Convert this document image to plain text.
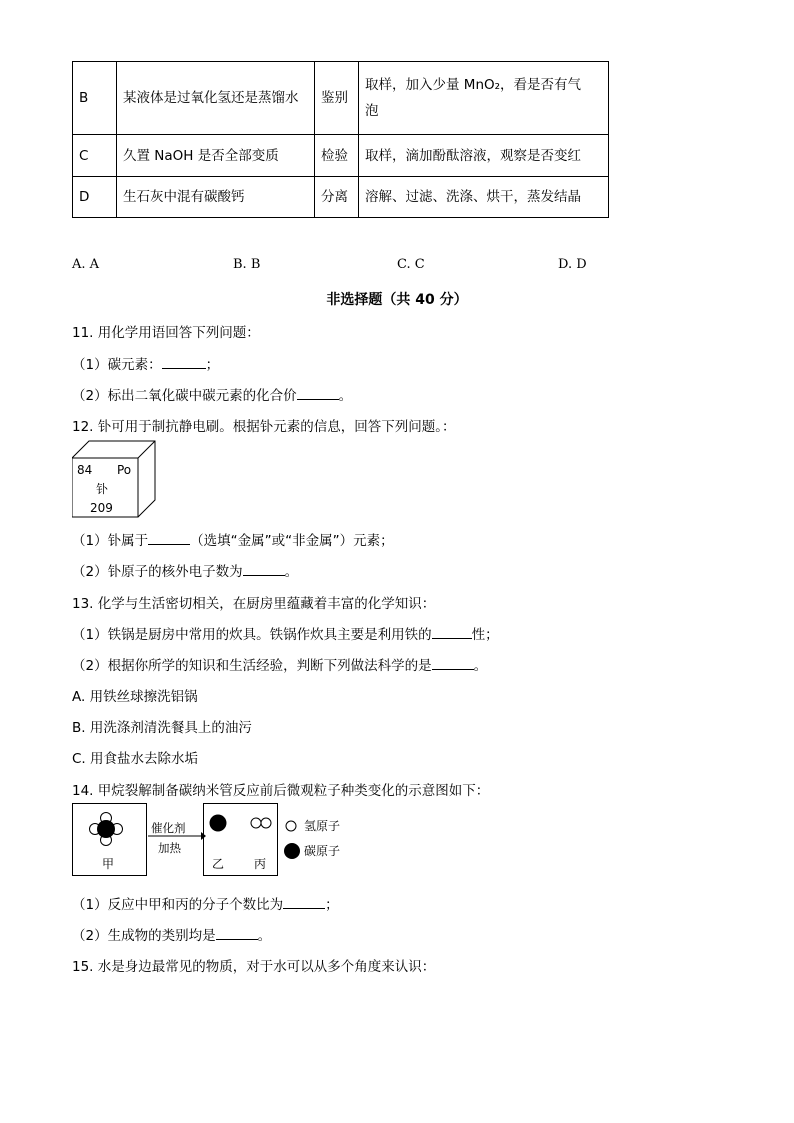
B	某液体是过氧化氢还是蒸馏水	鉴别	取样，加入少量 MnO₂，看是否有气
泡

C	久置 NaOH 是否全部变质	检验	取样，滴加酚酞溶液，观察是否变红
D	生石灰中混有碳酸钙	分离	溶解、过滤、洗涤、烘干，蒸发结晶
A. A	B. B	C. C	D. D
非选择题（共 40 分）
11. 用化学用语回答下列问题：
（1）碳元素：	；
（2）标出二氧化碳中碳元素的化合价	。
12. 钋可用于制抗静电刷。根据钋元素的信息，回答下列问题。：
84 Po
钋
209
（1）钋属于	（选填“金属”或“非金属”）元素；
（2）钋原子的核外电子数为	。
13. 化学与生活密切相关，在厨房里蕴藏着丰富的化学知识：
（1）铁锅是厨房中常用的炊具。铁锅作炊具主要是利用铁的	性；
（2）根据你所学的知识和生活经验，判断下列做法科学的是	。
A. 用铁丝球擦洗铝锅
B. 用洗涤剂清洗餐具上的油污
C. 用食盐水去除水垢
14. 甲烷裂解制备碳纳米管反应前后微观粒子种类变化的示意图如下：
甲
催化剂
加热
乙 丙
氢原子
碳原子
（1）反应中甲和丙的分子个数比为	；
（2）生成物的类别均是	。
15. 水是身边最常见的物质，对于水可以从多个角度来认识：
